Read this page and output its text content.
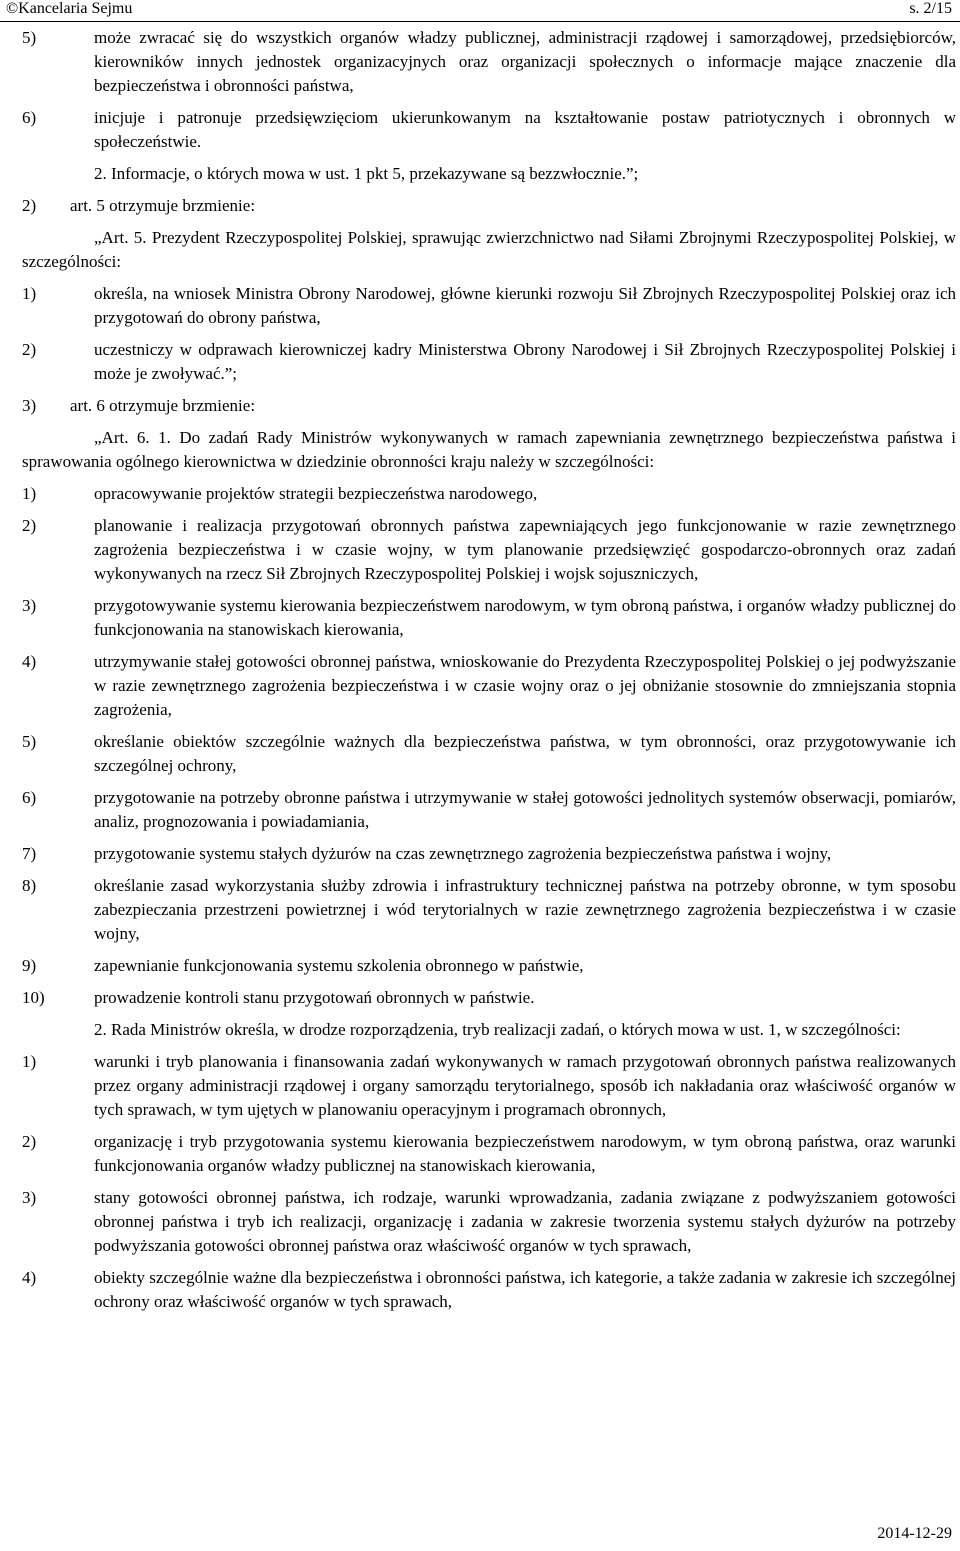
©Kancelaria Sejmu	s. 2/15
5)	może zwracać się do wszystkich organów władzy publicznej, administracji rządowej i samorządowej, przedsiębiorców, kierowników innych jednostek organizacyjnych oraz organizacji społecznych o informacje mające znaczenie dla bezpieczeństwa i obronności państwa,
6)	inicjuje i patronuje przedsięwzięciom ukierunkowanym na kształtowanie postaw patriotycznych i obronnych w społeczeństwie.
2. Informacje, o których mowa w ust. 1 pkt 5, przekazywane są bezzwłocznie.”;
2)	art. 5 otrzymuje brzmienie:
„Art. 5. Prezydent Rzeczypospolitej Polskiej, sprawując zwierzchnictwo nad Siłami Zbrojnymi Rzeczypospolitej Polskiej, w szczególności:
1)	określa, na wniosek Ministra Obrony Narodowej, główne kierunki rozwoju Sił Zbrojnych Rzeczypospolitej Polskiej oraz ich przygotowań do obrony państwa,
2)	uczestniczy w odprawach kierowniczej kadry Ministerstwa Obrony Narodowej i Sił Zbrojnych Rzeczypospolitej Polskiej i może je zwoływać.”;
3)	art. 6 otrzymuje brzmienie:
„Art. 6. 1. Do zadań Rady Ministrów wykonywanych w ramach zapewniania zewnętrznego bezpieczeństwa państwa i sprawowania ogólnego kierownictwa w dziedzinie obronności kraju należy w szczególności:
1)	opracowywanie projektów strategii bezpieczeństwa narodowego,
2)	planowanie i realizacja przygotowań obronnych państwa zapewniających jego funkcjonowanie w razie zewnętrznego zagrożenia bezpieczeństwa i w czasie wojny, w tym planowanie przedsięwzięć gospodarczo-obronnych oraz zadań wykonywanych na rzecz Sił Zbrojnych Rzeczypospolitej Polskiej i wojsk sojuszniczych,
3)	przygotowywanie systemu kierowania bezpieczeństwem narodowym, w tym obroną państwa, i organów władzy publicznej do funkcjonowania na stanowiskach kierowania,
4)	utrzymywanie stałej gotowości obronnej państwa, wnioskowanie do Prezydenta Rzeczypospolitej Polskiej o jej podwyższanie w razie zewnętrznego zagrożenia bezpieczeństwa i w czasie wojny oraz o jej obniżanie stosownie do zmniejszania stopnia zagrożenia,
5)	określanie obiektów szczególnie ważnych dla bezpieczeństwa państwa, w tym obronności, oraz przygotowywanie ich szczególnej ochrony,
6)	przygotowanie na potrzeby obronne państwa i utrzymywanie w stałej gotowości jednolitych systemów obserwacji, pomiarów, analiz, prognozowania i powiadamiania,
7)	przygotowanie systemu stałych dyżurów na czas zewnętrznego zagrożenia bezpieczeństwa państwa i wojny,
8)	określanie zasad wykorzystania służby zdrowia i infrastruktury technicznej państwa na potrzeby obronne, w tym sposobu zabezpieczania przestrzeni powietrznej i wód terytorialnych w razie zewnętrznego zagrożenia bezpieczeństwa i w czasie wojny,
9)	zapewnianie funkcjonowania systemu szkolenia obronnego w państwie,
10)	prowadzenie kontroli stanu przygotowań obronnych w państwie.
2. Rada Ministrów określa, w drodze rozporządzenia, tryb realizacji zadań, o których mowa w ust. 1, w szczególności:
1)	warunki i tryb planowania i finansowania zadań wykonywanych w ramach przygotowań obronnych państwa realizowanych przez organy administracji rządowej i organy samorządu terytorialnego, sposób ich nakładania oraz właściwość organów w tych sprawach, w tym ujętych w planowaniu operacyjnym i programach obronnych,
2)	organizację i tryb przygotowania systemu kierowania bezpieczeństwem narodowym, w tym obroną państwa, oraz warunki funkcjonowania organów władzy publicznej na stanowiskach kierowania,
3)	stany gotowości obronnej państwa, ich rodzaje, warunki wprowadzania, zadania związane z podwyższaniem gotowości obronnej państwa i tryb ich realizacji, organizację i zadania w zakresie tworzenia systemu stałych dyżurów na potrzeby podwyższania gotowości obronnej państwa oraz właściwość organów w tych sprawach,
4)	obiekty szczególnie ważne dla bezpieczeństwa i obronności państwa, ich kategorie, a także zadania w zakresie ich szczególnej ochrony oraz właściwość organów w tych sprawach,
2014-12-29
